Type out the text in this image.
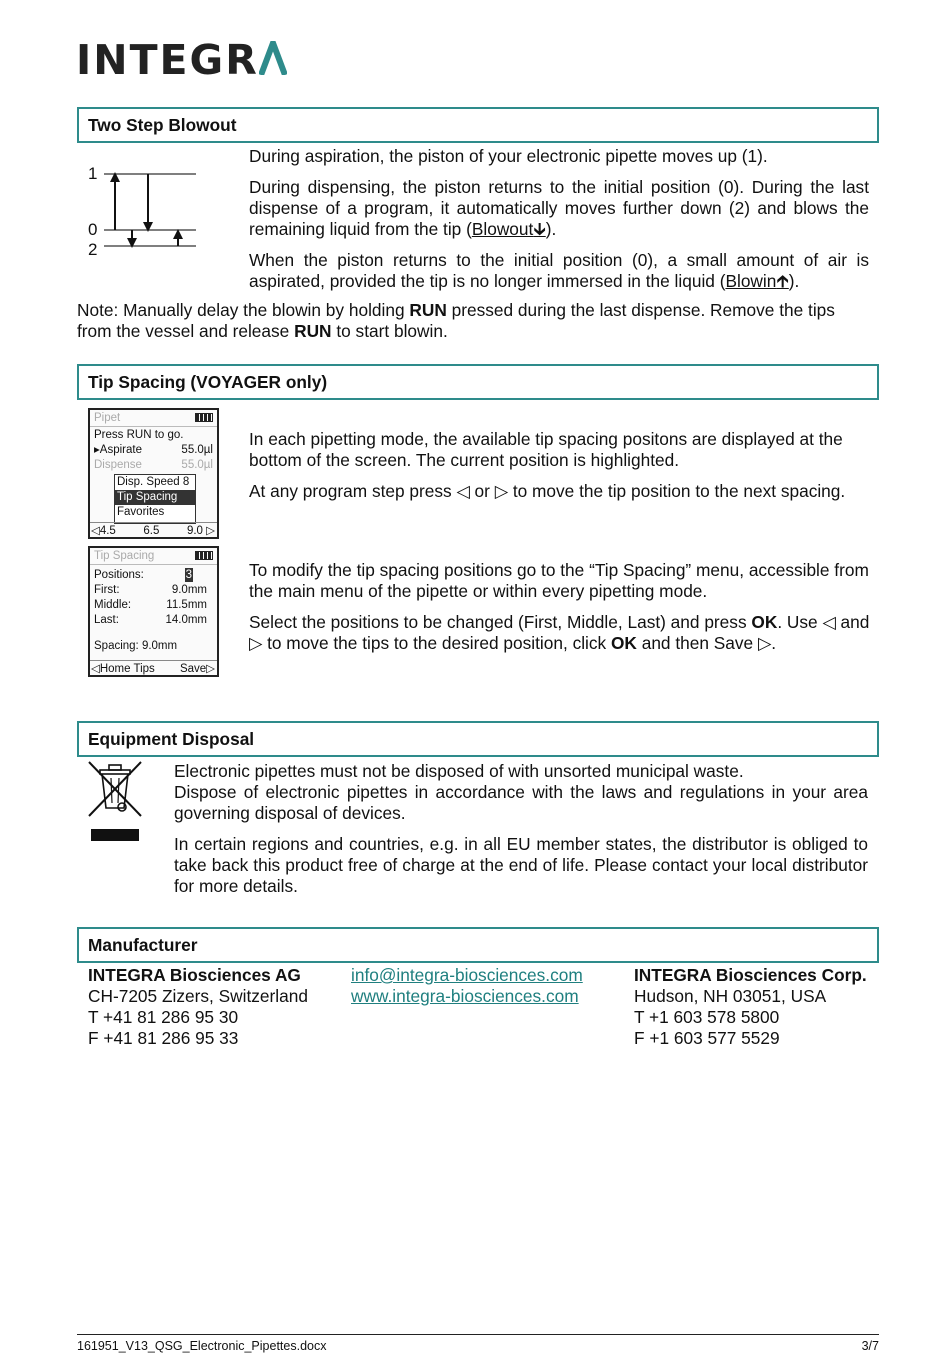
INTEGR
Two Step Blowout
1
0
2

During aspiration, the piston of your electronic pipette moves up (1).

During dispensing, the piston returns to the initial position (0). During the last dispense of a program, it automatically moves further down (2) and blows the remaining liquid from the tip (Blowout🡳).

When the piston returns to the initial position (0), a small amount of air is aspirated, provided the tip is no longer immersed in the liquid (Blowin🡱).

Note: Manually delay the blowin by holding RUN pressed during the last dispense. Remove the tips from the vessel and release RUN to start blowin.

Tip Spacing (VOYAGER only)
Pipet
Press RUN to go.
▸Aspirate	55.0µl
Dispense	55.0µl
Disp. Speed 8
Tip Spacing
Favorites
◁4.5 6.5 9.0 ▷
Tip Spacing
Positions:	3
First:	9.0mm
Middle:	11.5mm
Last:	14.0mm
Spacing: 9.0mm
◁Home Tips Save▷

In each pipetting mode, the available tip spacing positons are displayed at the bottom of the screen. The current position is highlighted.

At any program step press ◁ or ▷ to move the tip position to the next spacing.

To modify the tip spacing positions go to the “Tip Spacing” menu, accessible from the main menu of the pipette or within every pipetting mode.

Select the positions to be changed (First, Middle, Last) and press OK. Use ◁ and ▷ to move the tips to the desired position, click OK and then Save ▷.

Equipment Disposal

Electronic pipettes must not be disposed of with unsorted municipal waste.

Dispose of electronic pipettes in accordance with the laws and regulations in your area governing disposal of devices.

In certain regions and countries, e.g. in all EU member states, the distributor is obliged to take back this product free of charge at the end of life. Please contact your local distributor for more details.

Manufacturer
INTEGRA Biosciences AG
CH-7205 Zizers, Switzerland
T +41 81 286 95 30
F +41 81 286 95 33
info@integra-biosciences.com
www.integra-biosciences.com
INTEGRA Biosciences Corp.
Hudson, NH 03051, USA
T +1 603 578 5800
F +1 603 577 5529
161951_V13_QSG_Electronic_Pipettes.docx	3/7
